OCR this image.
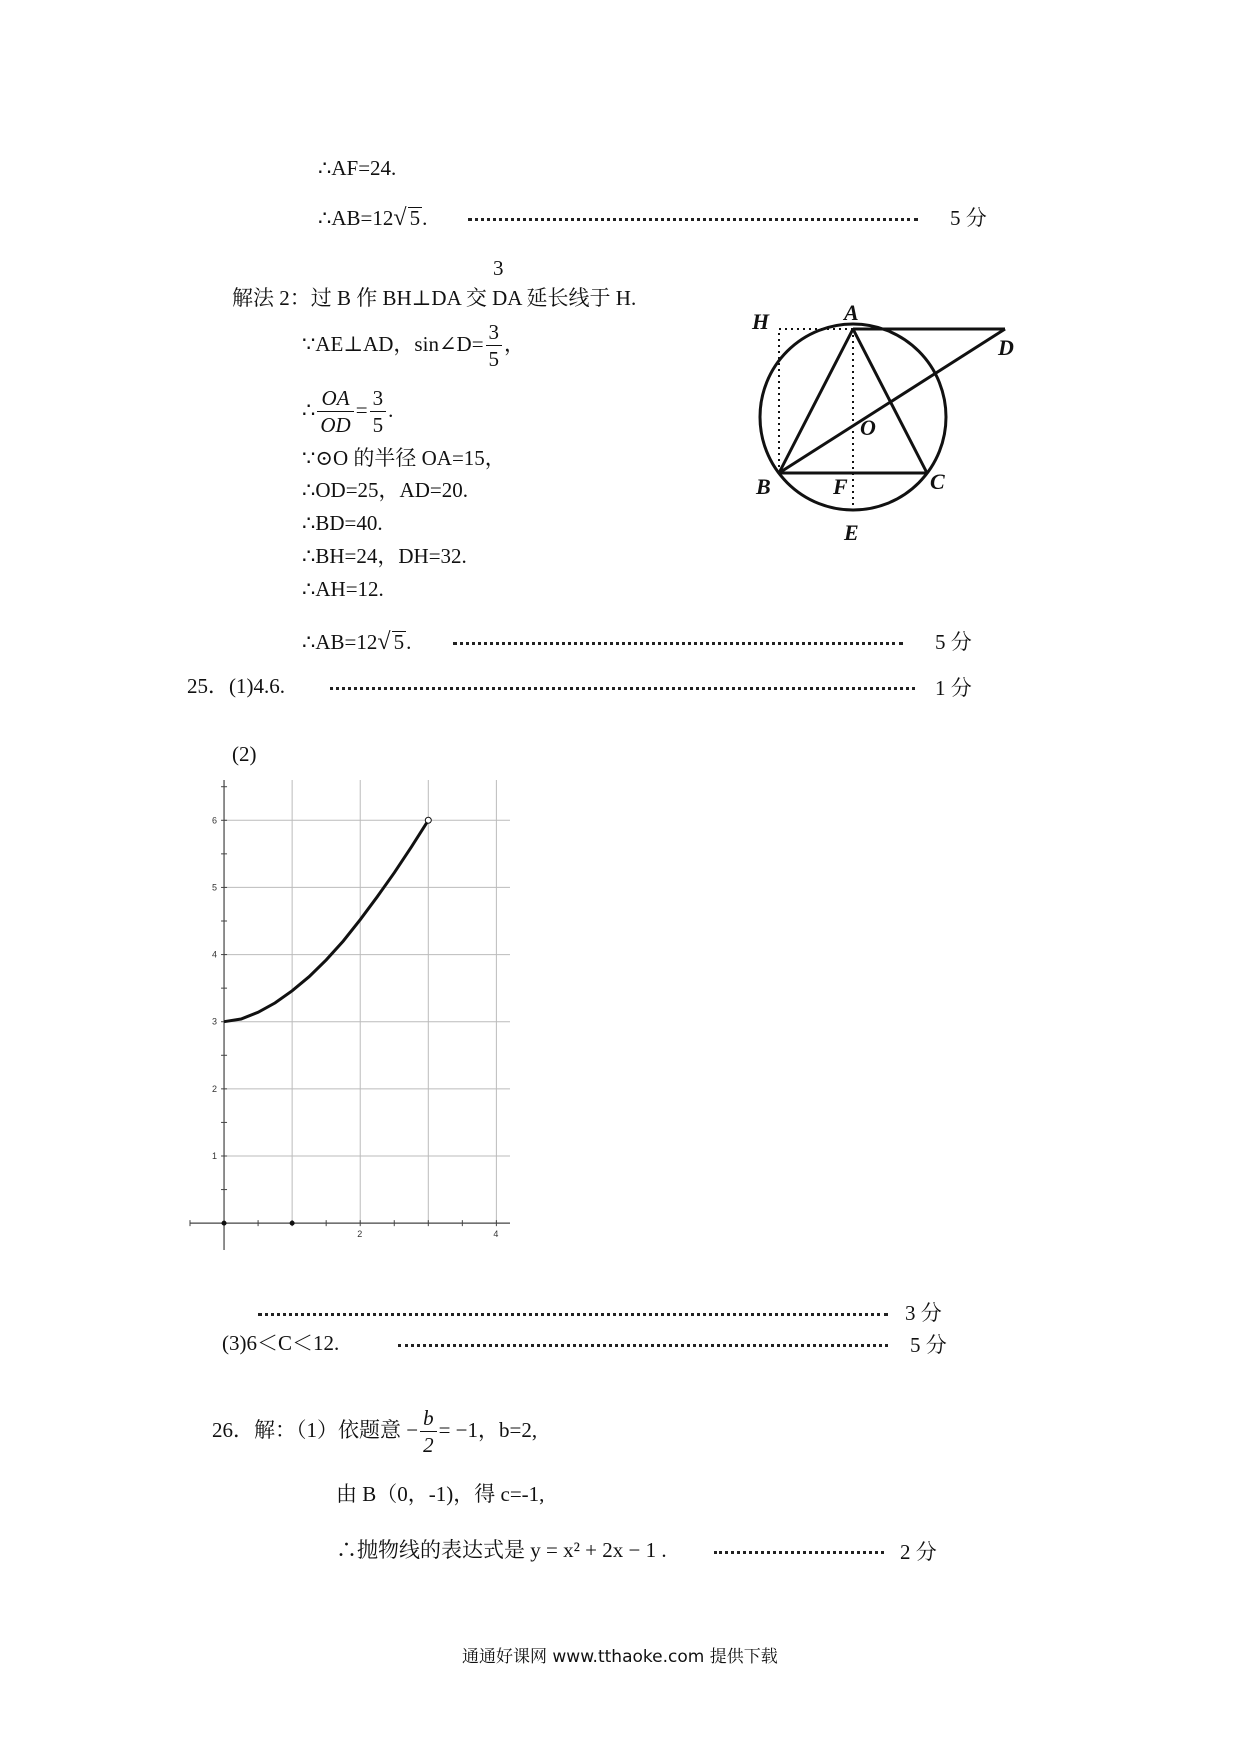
∴AF=24.
∴AB=12√ 5.	5 分
3
解法 2：过 B 作 BH⊥DA 交 DA 延长线于 H.
∵AE⊥AD，sin∠D= $\frac{3}{5}$ ，
∴ $\frac{OA}{OD} = \frac{3}{5}$ .
∵⊙O 的半径 OA=15，
∴OD=25，AD=20.
∴BD=40.
∴BH=24，DH=32.
∴AH=12.
∴AB=12√ 5.	5 分
H	A
D
O
B	F	C
E
25．(1)4.6.	1 分
(2)
2	4
1
2
3
4
5
6
3 分
(3)6＜C＜12.	5 分
26．解：（1）依题意 − $\frac{b}{2} = -1$，b=2,
由 B（0，-1)，得 c=-1,
∴抛物线的表达式是 y = x² + 2x − 1 .	2 分
通通好课网 www.tthaoke.com 提供下载
